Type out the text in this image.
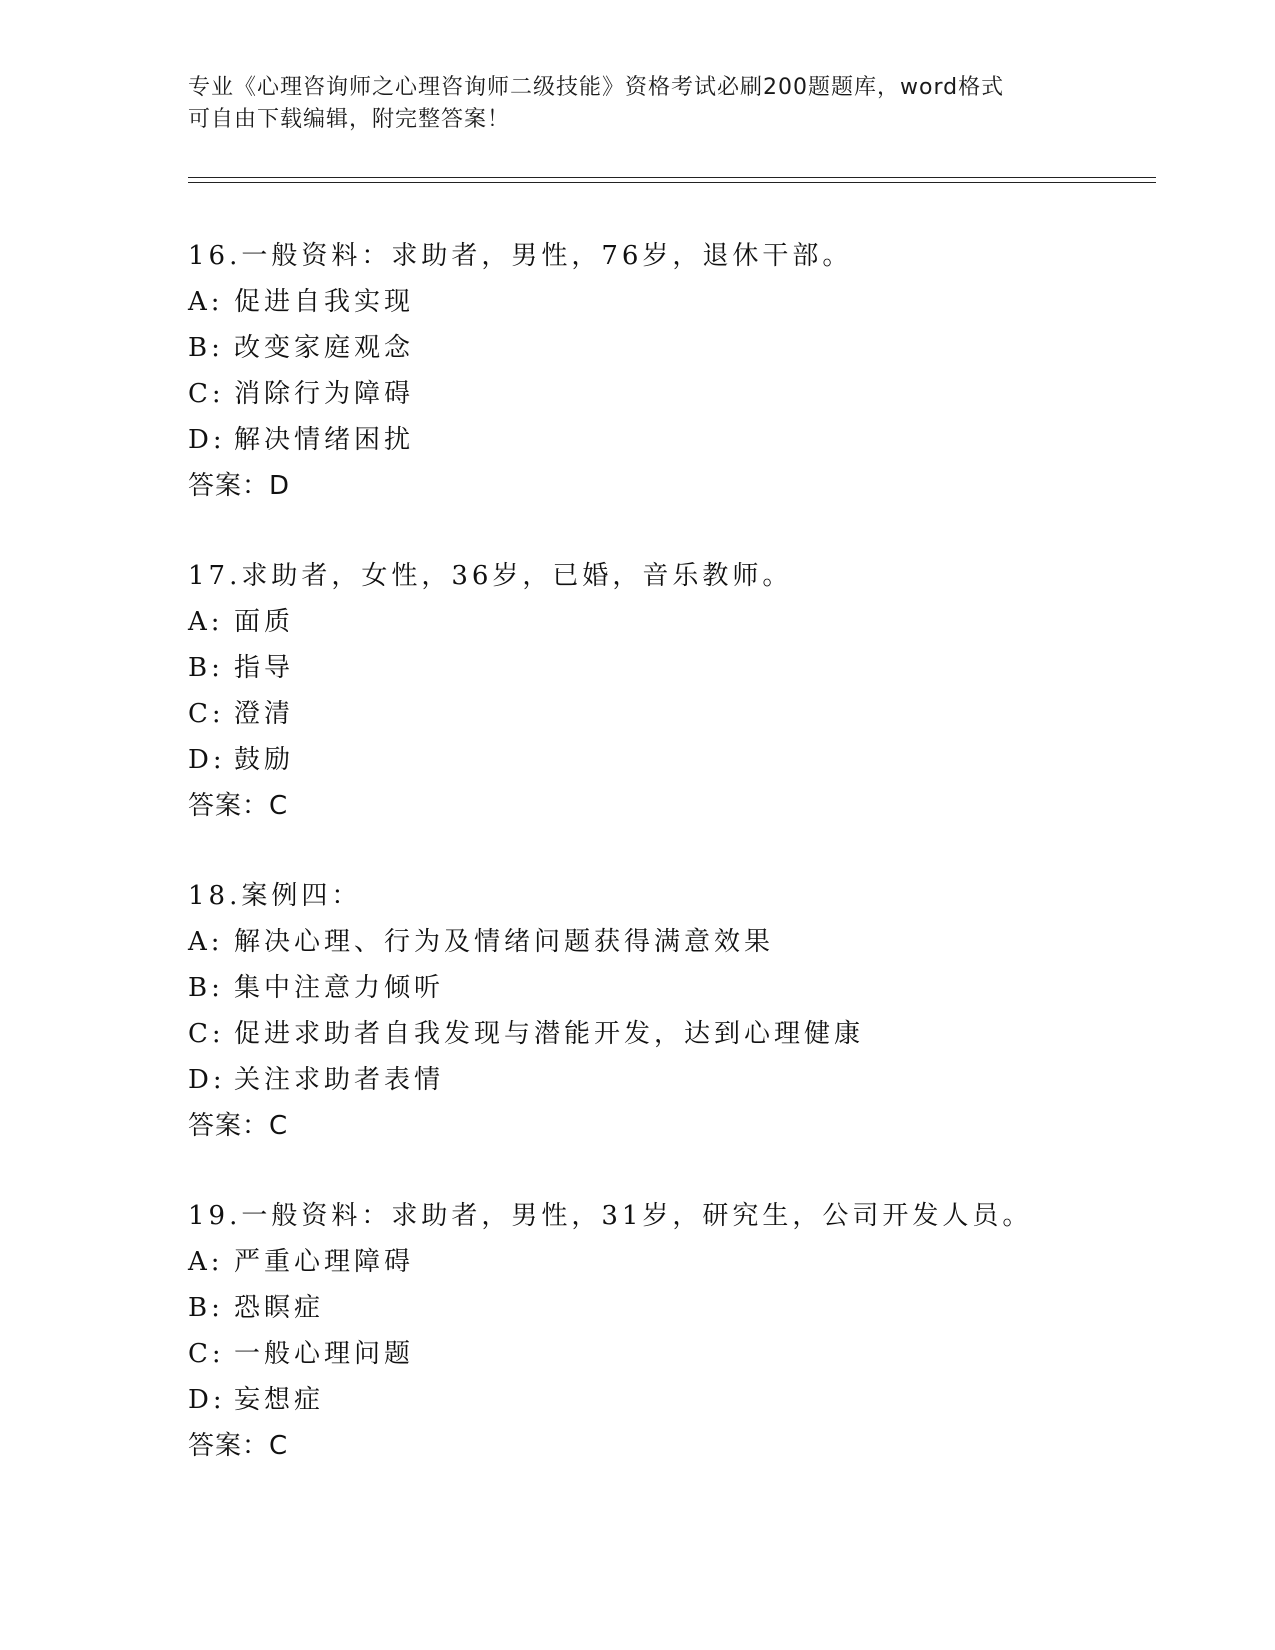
专业《心理咨询师之心理咨询师二级技能》资格考试必刷200题题库，word格式
可自由下载编辑，附完整答案！
16.一般资料：求助者，男性，76岁，退休干部。
A: 促进自我实现
B: 改变家庭观念
C: 消除行为障碍
D: 解决情绪困扰
答案：D
17.求助者，女性，36岁，已婚，音乐教师。
A: 面质
B: 指导
C: 澄清
D: 鼓励
答案：C
18.案例四：
A: 解决心理、行为及情绪问题获得满意效果
B: 集中注意力倾听
C: 促进求助者自我发现与潜能开发，达到心理健康
D: 关注求助者表情
答案：C
19.一般资料：求助者，男性，31岁，研究生，公司开发人员。
A: 严重心理障碍
B: 恐瞑症
C: 一般心理问题
D: 妄想症
答案：C
